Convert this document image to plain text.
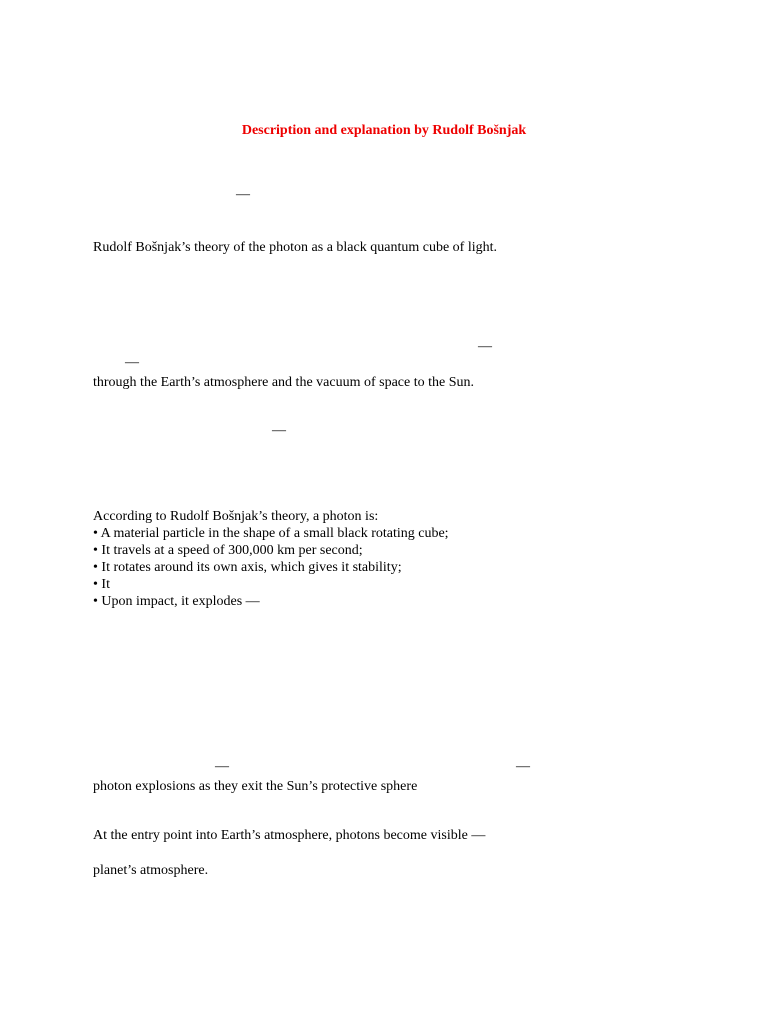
Description and explanation by Rudolf Bošnjak
—
Rudolf Bošnjak’s theory of the photon as a black quantum cube of light.
—
—
through the Earth’s atmosphere and the vacuum of space to the Sun.
—
According to Rudolf Bošnjak’s theory, a photon is:
• A material particle in the shape of a small black rotating cube;
• It travels at a speed of 300,000 km per second;
• It rotates around its own axis, which gives it stability;
• It
• Upon impact, it explodes —
—	—
photon explosions as they exit the Sun’s protective sphere
At the entry point into Earth’s atmosphere, photons become visible —
planet’s atmosphere.
